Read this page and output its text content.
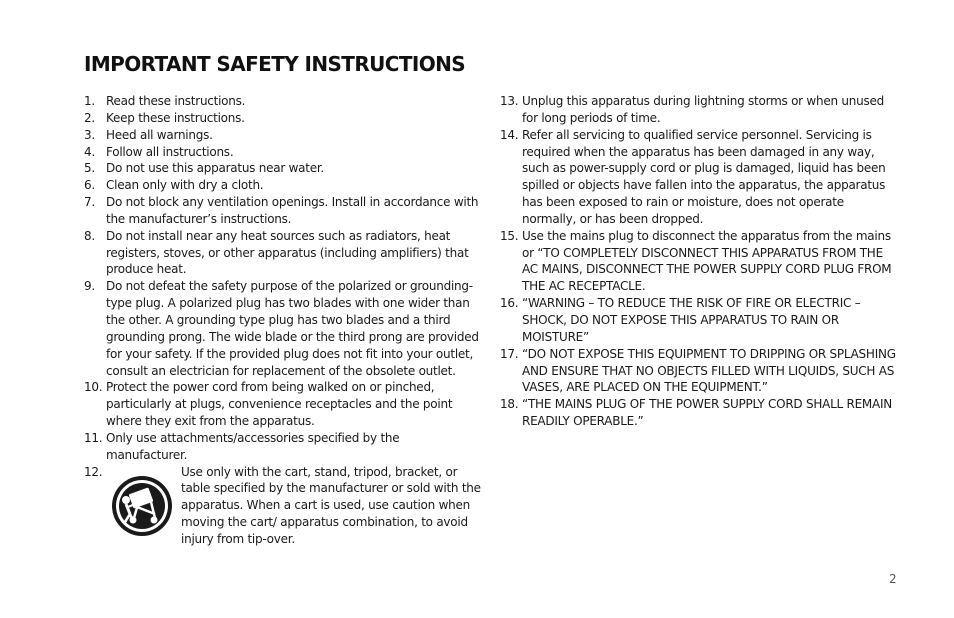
IMPORTANT SAFETY INSTRUCTIONS
1. Read these instructions.
2. Keep these instructions.
3. Heed all warnings.
4. Follow all instructions.
5. Do not use this apparatus near water.
6. Clean only with dry a cloth.
7. Do not block any ventilation openings. Install in accordance with the manufacturer’s instructions.
8. Do not install near any heat sources such as radiators, heat registers, stoves, or other apparatus (including amplifiers) that produce heat.
9. Do not defeat the safety purpose of the polarized or grounding-type plug. A polarized plug has two blades with one wider than the other. A grounding type plug has two blades and a third grounding prong. The wide blade or the third prong are provided for your safety. If the provided plug does not fit into your outlet, consult an electrician for replacement of the obsolete outlet.
10. Protect the power cord from being walked on or pinched, particularly at plugs, convenience receptacles and the point where they exit from the apparatus.
11. Only use attachments/accessories specified by the manufacturer.
12.	Use only with the cart, stand, tripod, bracket, or table specified by the manufacturer or sold with the apparatus. When a cart is used, use caution when moving the cart/ apparatus combination, to avoid injury from tip-over.
13. Unplug this apparatus during lightning storms or when unused for long periods of time.
14. Refer all servicing to qualified service personnel. Servicing is required when the apparatus has been damaged in any way, such as power-supply cord or plug is damaged, liquid has been spilled or objects have fallen into the apparatus, the apparatus has been exposed to rain or moisture, does not operate normally, or has been dropped.
15. Use the mains plug to disconnect the apparatus from the mains or “TO COMPLETELY DISCONNECT THIS APPARATUS FROM THE AC MAINS, DISCONNECT THE POWER SUPPLY CORD PLUG FROM THE AC RECEPTACLE.
16. “WARNING – TO REDUCE THE RISK OF FIRE OR ELECTRIC – SHOCK, DO NOT EXPOSE THIS APPARATUS TO RAIN OR MOISTURE”
17. “DO NOT EXPOSE THIS EQUIPMENT TO DRIPPING OR SPLASHING AND ENSURE THAT NO OBJECTS FILLED WITH LIQUIDS, SUCH AS VASES, ARE PLACED ON THE EQUIPMENT.”
18. “THE MAINS PLUG OF THE POWER SUPPLY CORD SHALL REMAIN READILY OPERABLE.”
2
